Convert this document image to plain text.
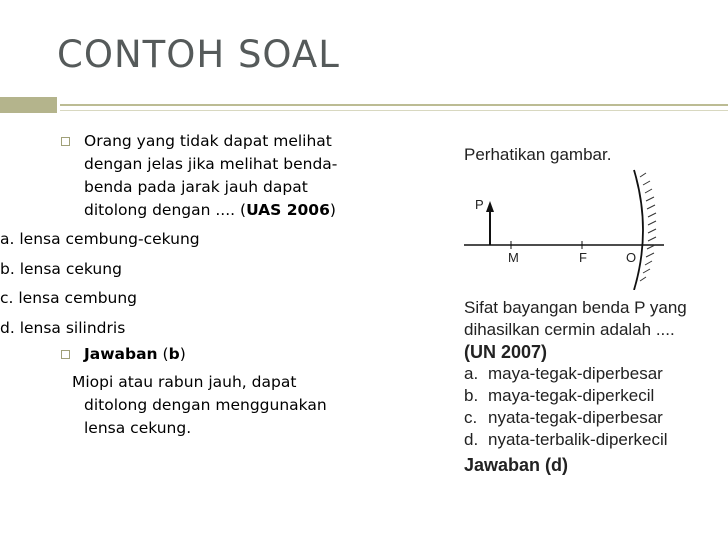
CONTOH SOAL
Orang yang tidak dapat melihat
dengan jelas jika melihat benda-
benda pada jarak jauh dapat
ditolong dengan .... (UAS 2006)
a. lensa cembung-cekung
b. lensa cekung
c. lensa cembung
d. lensa silindris
Jawaban (b)
Miopi atau rabun jauh, dapat
ditolong dengan menggunakan
lensa cekung.
Perhatikan gambar.
P
M	F	O
Sifat bayangan benda P yang
dihasilkan cermin adalah ....
(UN 2007)
a. maya-tegak-diperbesar
b. maya-tegak-diperkecil
c. nyata-tegak-diperbesar
d. nyata-terbalik-diperkecil
Jawaban (d)
